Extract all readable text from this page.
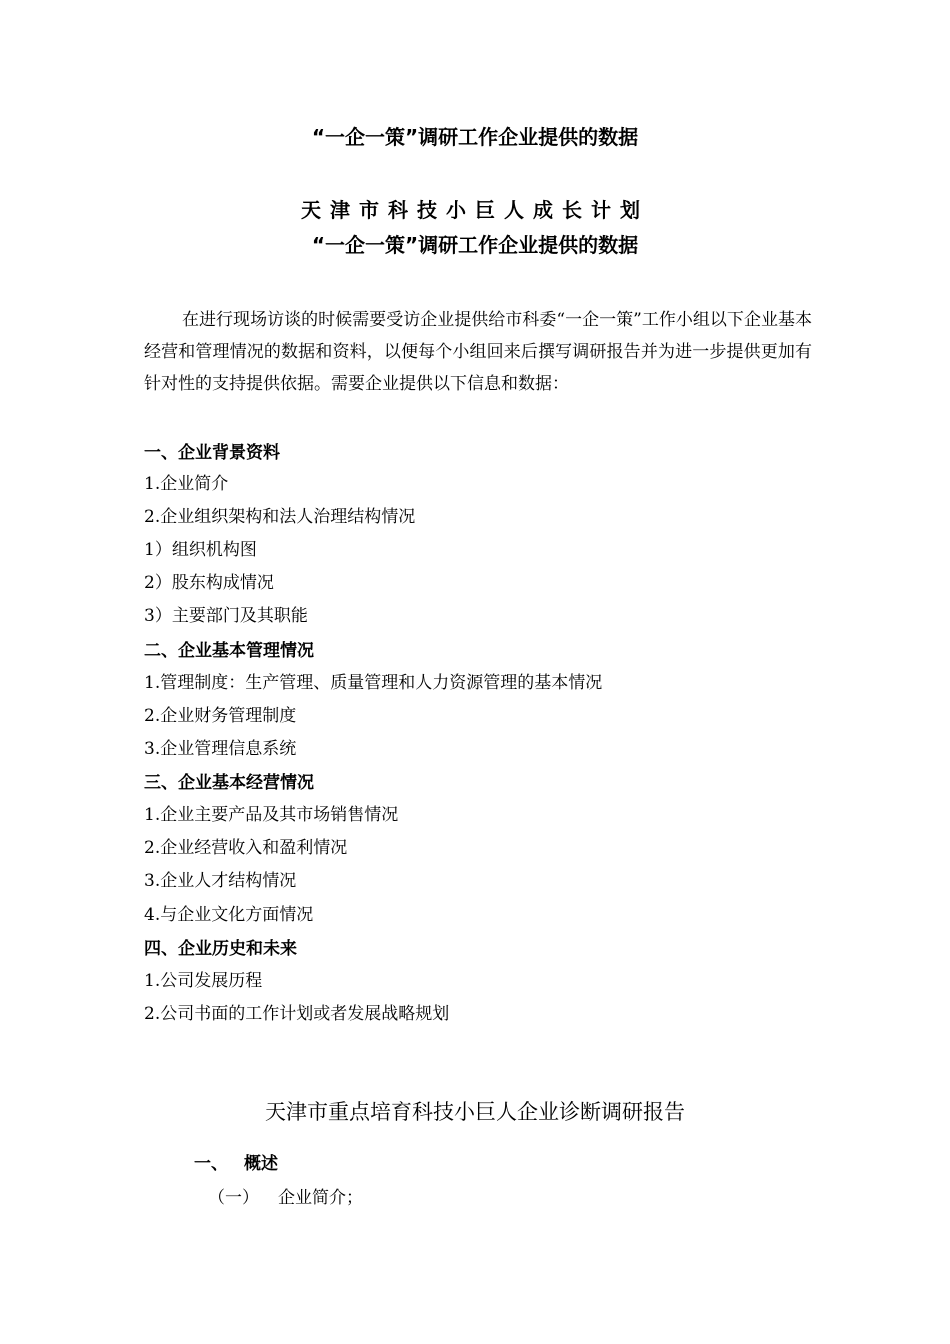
“一企一策”调研工作企业提供的数据
天津市科技小巨人成长计划
“一企一策”调研工作企业提供的数据
在进行现场访谈的时候需要受访企业提供给市科委“一企一策”工作小组以下企业基本经营和管理情况的数据和资料，以便每个小组回来后撰写调研报告并为进一步提供更加有针对性的支持提供依据。需要企业提供以下信息和数据：
一、企业背景资料
1.企业简介
2.企业组织架构和法人治理结构情况
1）组织机构图
2）股东构成情况
3）主要部门及其职能
二、企业基本管理情况
1.管理制度：生产管理、质量管理和人力资源管理的基本情况
2.企业财务管理制度
3.企业管理信息系统
三、企业基本经营情况
1.企业主要产品及其市场销售情况
2.企业经营收入和盈利情况
3.企业人才结构情况
4.与企业文化方面情况
四、企业历史和未来
1.公司发展历程
2.公司书面的工作计划或者发展战略规划
天津市重点培育科技小巨人企业诊断调研报告
一、 概述
（一） 企业简介；
